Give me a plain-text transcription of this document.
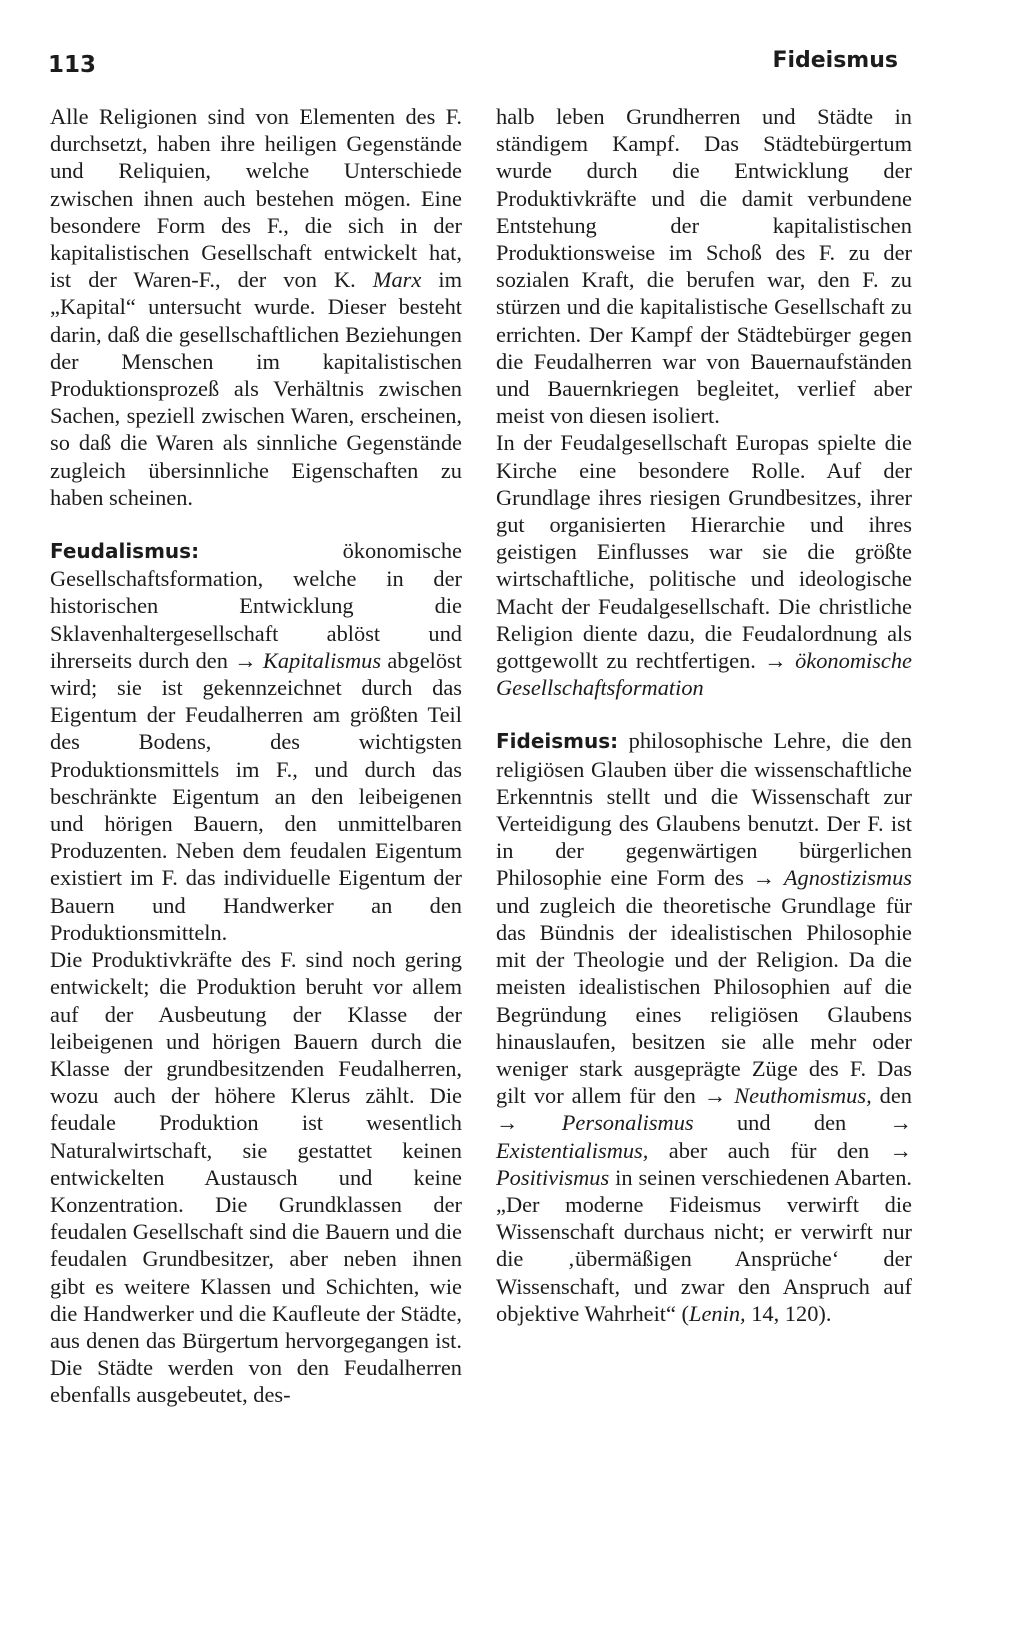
113	Fideismus

Alle Religionen sind von Elementen des F. durchsetzt, haben ihre heiligen Gegenstände und Reliquien, welche Unterschiede zwischen ihnen auch bestehen mögen. Eine besondere Form des F., die sich in der kapitalistischen Gesellschaft entwickelt hat, ist der Waren-F., der von K. Marx im „Kapital“ untersucht wurde. Dieser besteht darin, daß die gesellschaftlichen Beziehungen der Menschen im kapitalistischen Produktionsprozeß als Verhältnis zwischen Sachen, speziell zwischen Waren, erscheinen, so daß die Waren als sinnliche Gegenstände zugleich übersinnliche Eigenschaften zu haben scheinen.

Feudalismus: ökonomische Gesellschaftsformation, welche in der historischen Entwicklung die Sklavenhaltergesellschaft ablöst und ihrerseits durch den → Kapitalismus abgelöst wird; sie ist gekennzeichnet durch das Eigentum der Feudalherren am größten Teil des Bodens, des wichtigsten Produktionsmittels im F., und durch das beschränkte Eigentum an den leibeigenen und hörigen Bauern, den unmittelbaren Produzenten. Neben dem feudalen Eigentum existiert im F. das individuelle Eigentum der Bauern und Handwerker an den Produktionsmitteln.

Die Produktivkräfte des F. sind noch gering entwickelt; die Produktion beruht vor allem auf der Ausbeutung der Klasse der leibeigenen und hörigen Bauern durch die Klasse der grundbesitzenden Feudalherren, wozu auch der höhere Klerus zählt. Die feudale Produktion ist wesentlich Naturalwirtschaft, sie gestattet keinen entwickelten Austausch und keine Konzentration. Die Grundklassen der feudalen Gesellschaft sind die Bauern und die feudalen Grundbesitzer, aber neben ihnen gibt es weitere Klassen und Schichten, wie die Handwerker und die Kaufleute der Städte, aus denen das Bürgertum hervorgegangen ist. Die Städte werden von den Feudalherren ebenfalls ausgebeutet, des-

halb leben Grundherren und Städte in ständigem Kampf. Das Städtebürgertum wurde durch die Entwicklung der Produktivkräfte und die damit verbundene Entstehung der kapitalistischen Produktionsweise im Schoß des F. zu der sozialen Kraft, die berufen war, den F. zu stürzen und die kapitalistische Gesellschaft zu errichten. Der Kampf der Städtebürger gegen die Feudalherren war von Bauernaufständen und Bauernkriegen begleitet, verlief aber meist von diesen isoliert.

In der Feudalgesellschaft Europas spielte die Kirche eine besondere Rolle. Auf der Grundlage ihres riesigen Grundbesitzes, ihrer gut organisierten Hierarchie und ihres geistigen Einflusses war sie die größte wirtschaftliche, politische und ideologische Macht der Feudalgesellschaft. Die christliche Religion diente dazu, die Feudalordnung als gottgewollt zu rechtfertigen. → ökonomische Gesellschaftsformation

Fideismus: philosophische Lehre, die den religiösen Glauben über die wissenschaftliche Erkenntnis stellt und die Wissenschaft zur Verteidigung des Glaubens benutzt. Der F. ist in der gegenwärtigen bürgerlichen Philosophie eine Form des → Agnostizismus und zugleich die theoretische Grundlage für das Bündnis der idealistischen Philosophie mit der Theologie und der Religion. Da die meisten idealistischen Philosophien auf die Begründung eines religiösen Glaubens hinauslaufen, besitzen sie alle mehr oder weniger stark ausgeprägte Züge des F. Das gilt vor allem für den → Neuthomismus, den → Personalismus und den → Existentialismus, aber auch für den → Positivismus in seinen verschiedenen Abarten. „Der moderne Fideismus verwirft die Wissenschaft durchaus nicht; er verwirft nur die ‚übermäßigen Ansprüche‘ der Wissenschaft, und zwar den Anspruch auf objektive Wahrheit“ (Lenin, 14, 120).
